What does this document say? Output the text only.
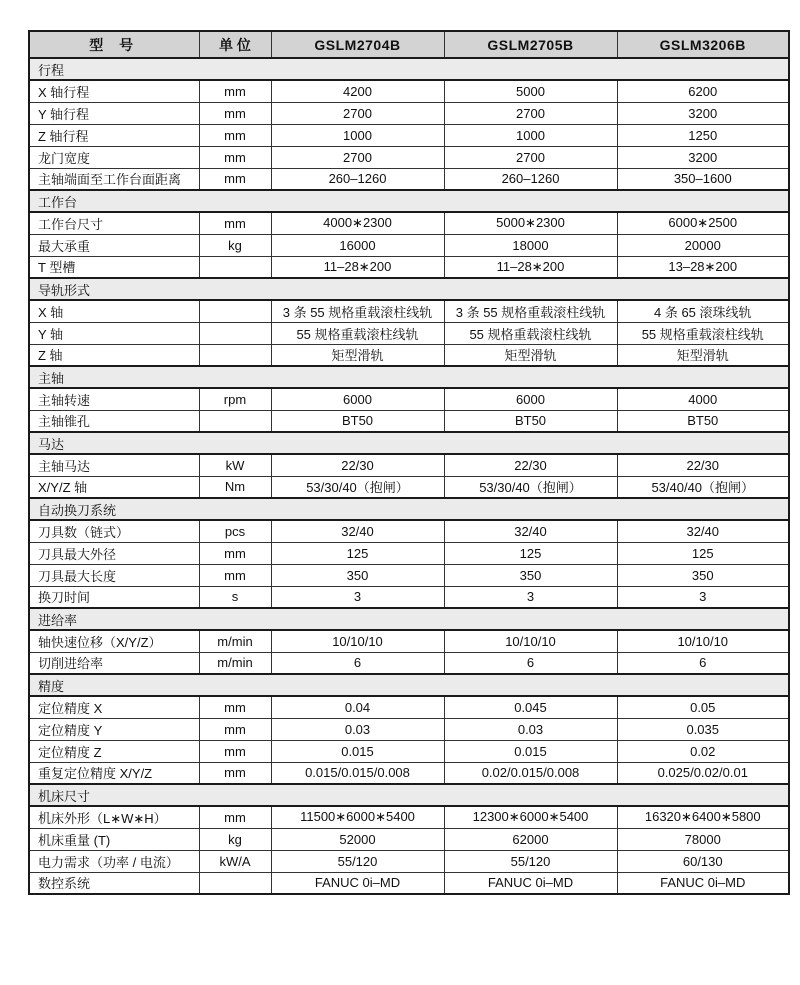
型 号	单 位	GSLM2704B	GSLM2705B	GSLM3206B
行程				
X 轴行程	mm	4200	5000	6200
Y 轴行程	mm	2700	2700	3200
Z 轴行程	mm	1000	1000	1250
龙门宽度	mm	2700	2700	3200
主轴端面至工作台面距离	mm	260–1260	260–1260	350–1600
工作台				
工作台尺寸	mm	4000∗2300	5000∗2300	6000∗2500
最大承重	kg	16000	18000	20000
T 型槽		11–28∗200	11–28∗200	13–28∗200
导轨形式				
X 轴		3 条 55 规格重载滚柱线轨	3 条 55 规格重载滚柱线轨	4 条 65 滚珠线轨
Y 轴		55 规格重载滚柱线轨	55 规格重载滚柱线轨	55 规格重载滚柱线轨
Z 轴		矩型滑轨	矩型滑轨	矩型滑轨
主轴				
主轴转速	rpm	6000	6000	4000
主轴锥孔		BT50	BT50	BT50
马达				
主轴马达	kW	22/30	22/30	22/30
X/Y/Z 轴	Nm	53/30/40（抱闸）	53/30/40（抱闸）	53/40/40（抱闸）
自动换刀系统				
刀具数（链式）	pcs	32/40	32/40	32/40
刀具最大外径	mm	125	125	125
刀具最大长度	mm	350	350	350
换刀时间	s	3	3	3
进给率				
轴快速位移（X/Y/Z）	m/min	10/10/10	10/10/10	10/10/10
切削进给率	m/min	6	6	6
精度				
定位精度 X	mm	0.04	0.045	0.05
定位精度 Y	mm	0.03	0.03	0.035
定位精度 Z	mm	0.015	0.015	0.02
重复定位精度 X/Y/Z	mm	0.015/0.015/0.008	0.02/0.015/0.008	0.025/0.02/0.01
机床尺寸				
机床外形（L∗W∗H）	mm	11500∗6000∗5400	12300∗6000∗5400	16320∗6400∗5800
机床重量 (T)	kg	52000	62000	78000
电力需求（功率 / 电流）	kW/A	55/120	55/120	60/130
数控系统		FANUC 0i–MD	FANUC 0i–MD	FANUC 0i–MD
